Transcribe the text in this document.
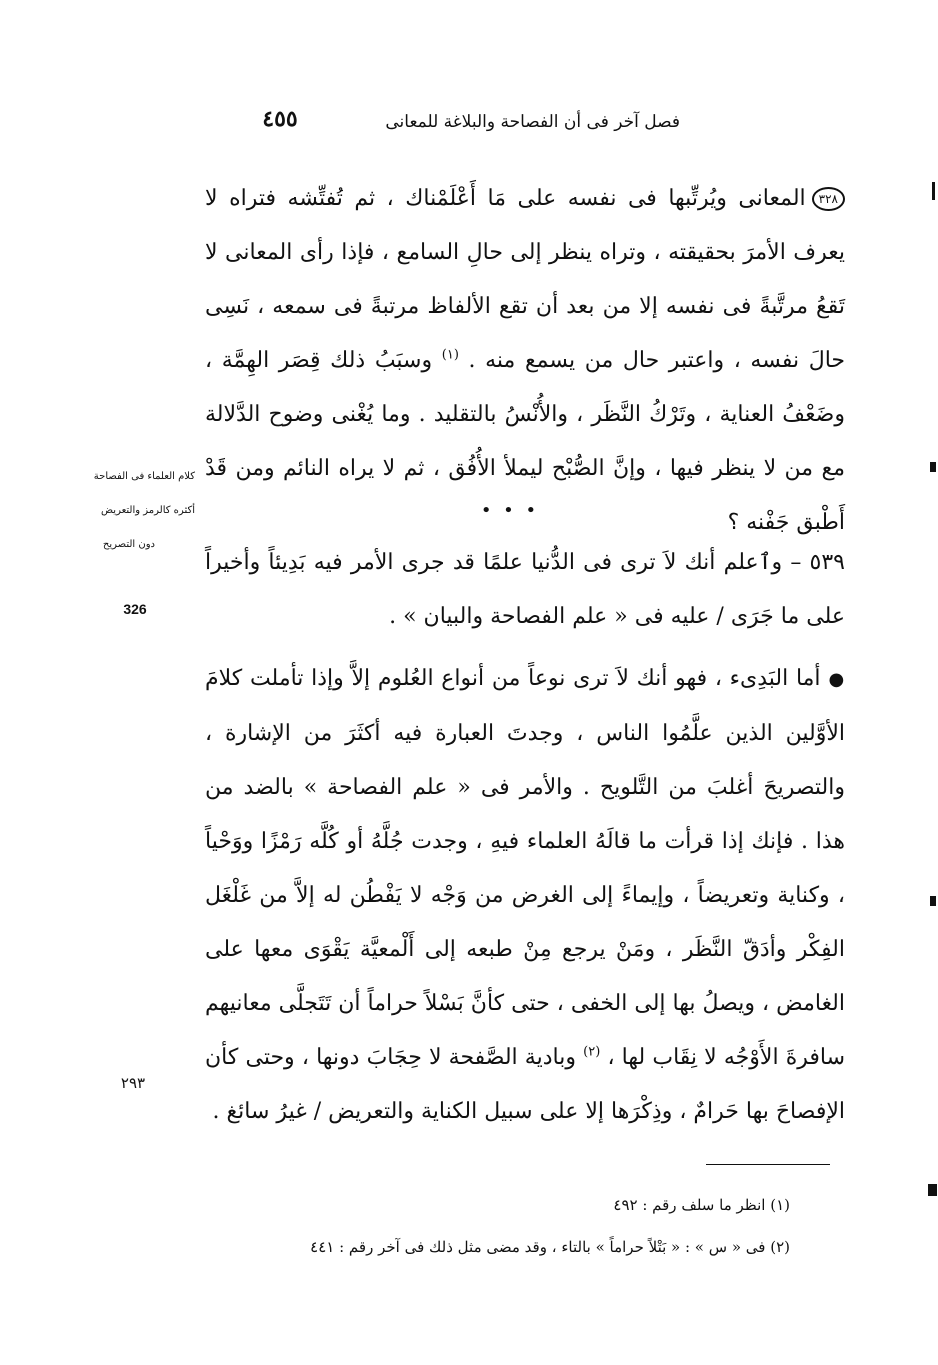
فصل آخر فى أن الفصاحة والبلاغة للمعانى
٤٥٥
٣٢٨المعانى ويُرتِّبها فى نفسه على مَا أَعْلَمْناك ، ثم تُفتِّشه فتراه لا يعرف الأمرَ بحقيقته ، وتراه ينظر إلى حالِ السامع ، فإذا رأى المعانى لا تَقعُ مرتَّبةً فى نفسه إلا من بعد أن تقع الألفاظ مرتبةً فى سمعه ، نَسِى حالَ نفسه ، واعتبر حال من يسمع منه . $^{(١)}$ وسبَبُ ذلك قِصَر الهِمَّة ، وضَعْفُ العناية ، وتَرْكُ النَّظَر ، والأُنْسُ بالتقليد . وما يُغْنى وضوح الدَّلالة مع من لا ينظر فيها ، وإنَّ الصُّبْح ليملأ الأُفُق ، ثم لا يراه النائم ومن قَدْ أَطْبق جَفْنه ؟
• • •
٥٣٩ – وٱعلم أنك لاَ ترى فى الدُّنيا علمًا قد جرى الأمر فيه بَدِيئاً وأخيراً على ما جَرَى / عليه فى « علم الفصاحة والبيان » .
●أما البَدِىء ، فهو أنك لاَ ترى نوعاً من أنواع العُلوم إلاَّ وإذا تأملت كلامَ الأوَّلين الذين علَّمُوا الناس ، وجدتَ العبارة فيه أكثَرَ من الإشارة ، والتصريحَ أغلبَ من التَّلويح . والأمر فى « علم الفصاحة » بالضد من هذا . فإنك إذا قرأت ما قالَهُ العلماء فيهِ ، وجدت جُلَّهُ أو كُلَّه رَمْزًا ووَحْياً ، وكناية وتعريضاً ، وإيماءً إلى الغرض من وَجْه لا يَفْطُن له إلاَّ من غَلْغَل الفِكْر وأدَقّ النَّظَر ، ومَنْ يرجع مِنْ طبعه إلى أَلْمعيَّة يَقْوَى معها على الغامض ، ويصلُ بها إلى الخفى ، حتى كأنَّ بَسْلاً حراماً أن تَتَجلَّى معانيهم سافرةَ الأَوْجُه لا نِقَاب لها ، $^{(٢)}$ وبادية الصَّفحة لا حِجَابَ دونها ، وحتى كأن الإفصاحَ بها حَرامٌ ، وذِكْرَها إلا على سبيل الكناية والتعريض / غيرُ سائغ .
كلام العلماء فى الفصاحة
أكثره كالرمز والتعريض
دون التصريح
326
٢٩٣
(١) انظر ما سلف رقم : ٤٩٢
(٢) فى « س » : « بَتْلاً حراماً » بالتاء ، وقد مضى مثل ذلك فى آخر رقم : ٤٤١
